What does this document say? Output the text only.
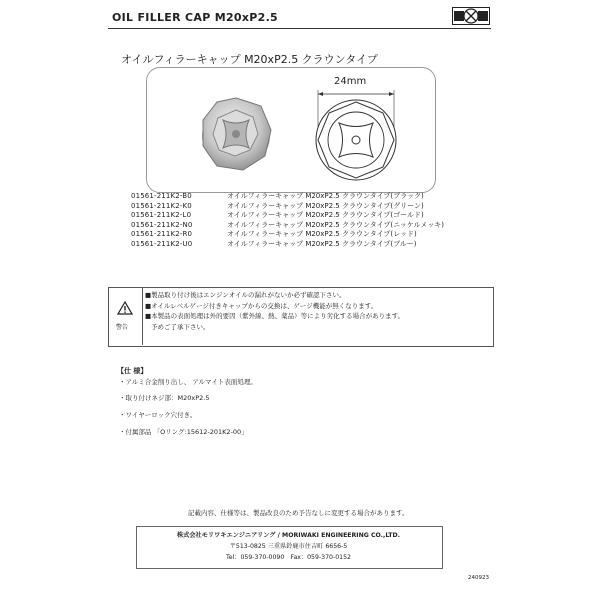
OIL FILLER CAP M20xP2.5
オイルフィラーキャップ M20xP2.5 クラウンタイプ
24mm
01561-211K2-B0	オイルフィラーキャップ M20xP2.5 クラウンタイプ(ブラック)
01561-211K2-K0	オイルフィラーキャップ M20xP2.5 クラウンタイプ(グリーン)
01561-211K2-L0	オイルフィラーキャップ M20xP2.5 クラウンタイプ(ゴールド)
01561-211K2-N0	オイルフィラーキャップ M20xP2.5 クラウンタイプ(ニッケルメッキ)
01561-211K2-R0	オイルフィラーキャップ M20xP2.5 クラウンタイプ(レッド)
01561-211K2-U0	オイルフィラーキャップ M20xP2.5 クラウンタイプ(ブルー)
警告
■製品取り付け後はエンジンオイルの漏れがないか必ず確認下さい。
■オイルレベルゲージ付きキャップからの交換は、ゲージ機能が無くなります。
■本製品の表面処理は外的要因（紫外線、熱、薬品）等により劣化する場合があります。
予めご了承下さい。
【仕 様】
・アルミ合金削り出し、 アルマイト表面処理。
・取り付けネジ部：M20xP2.5
・ワイヤーロック穴付き。
・付属部品 「Oリング:15612-201K2-00」
記載内容、仕様等は、製品改良のため予告なしに変更する場合があります。
株式会社モリワキエンジニアリング / MORIWAKI ENGINEERING CO.,LTD.
〒513-0825 三重県鈴鹿市住吉町 6656-5
Tel：059-370-0090　Fax：059-370-0152
240923
